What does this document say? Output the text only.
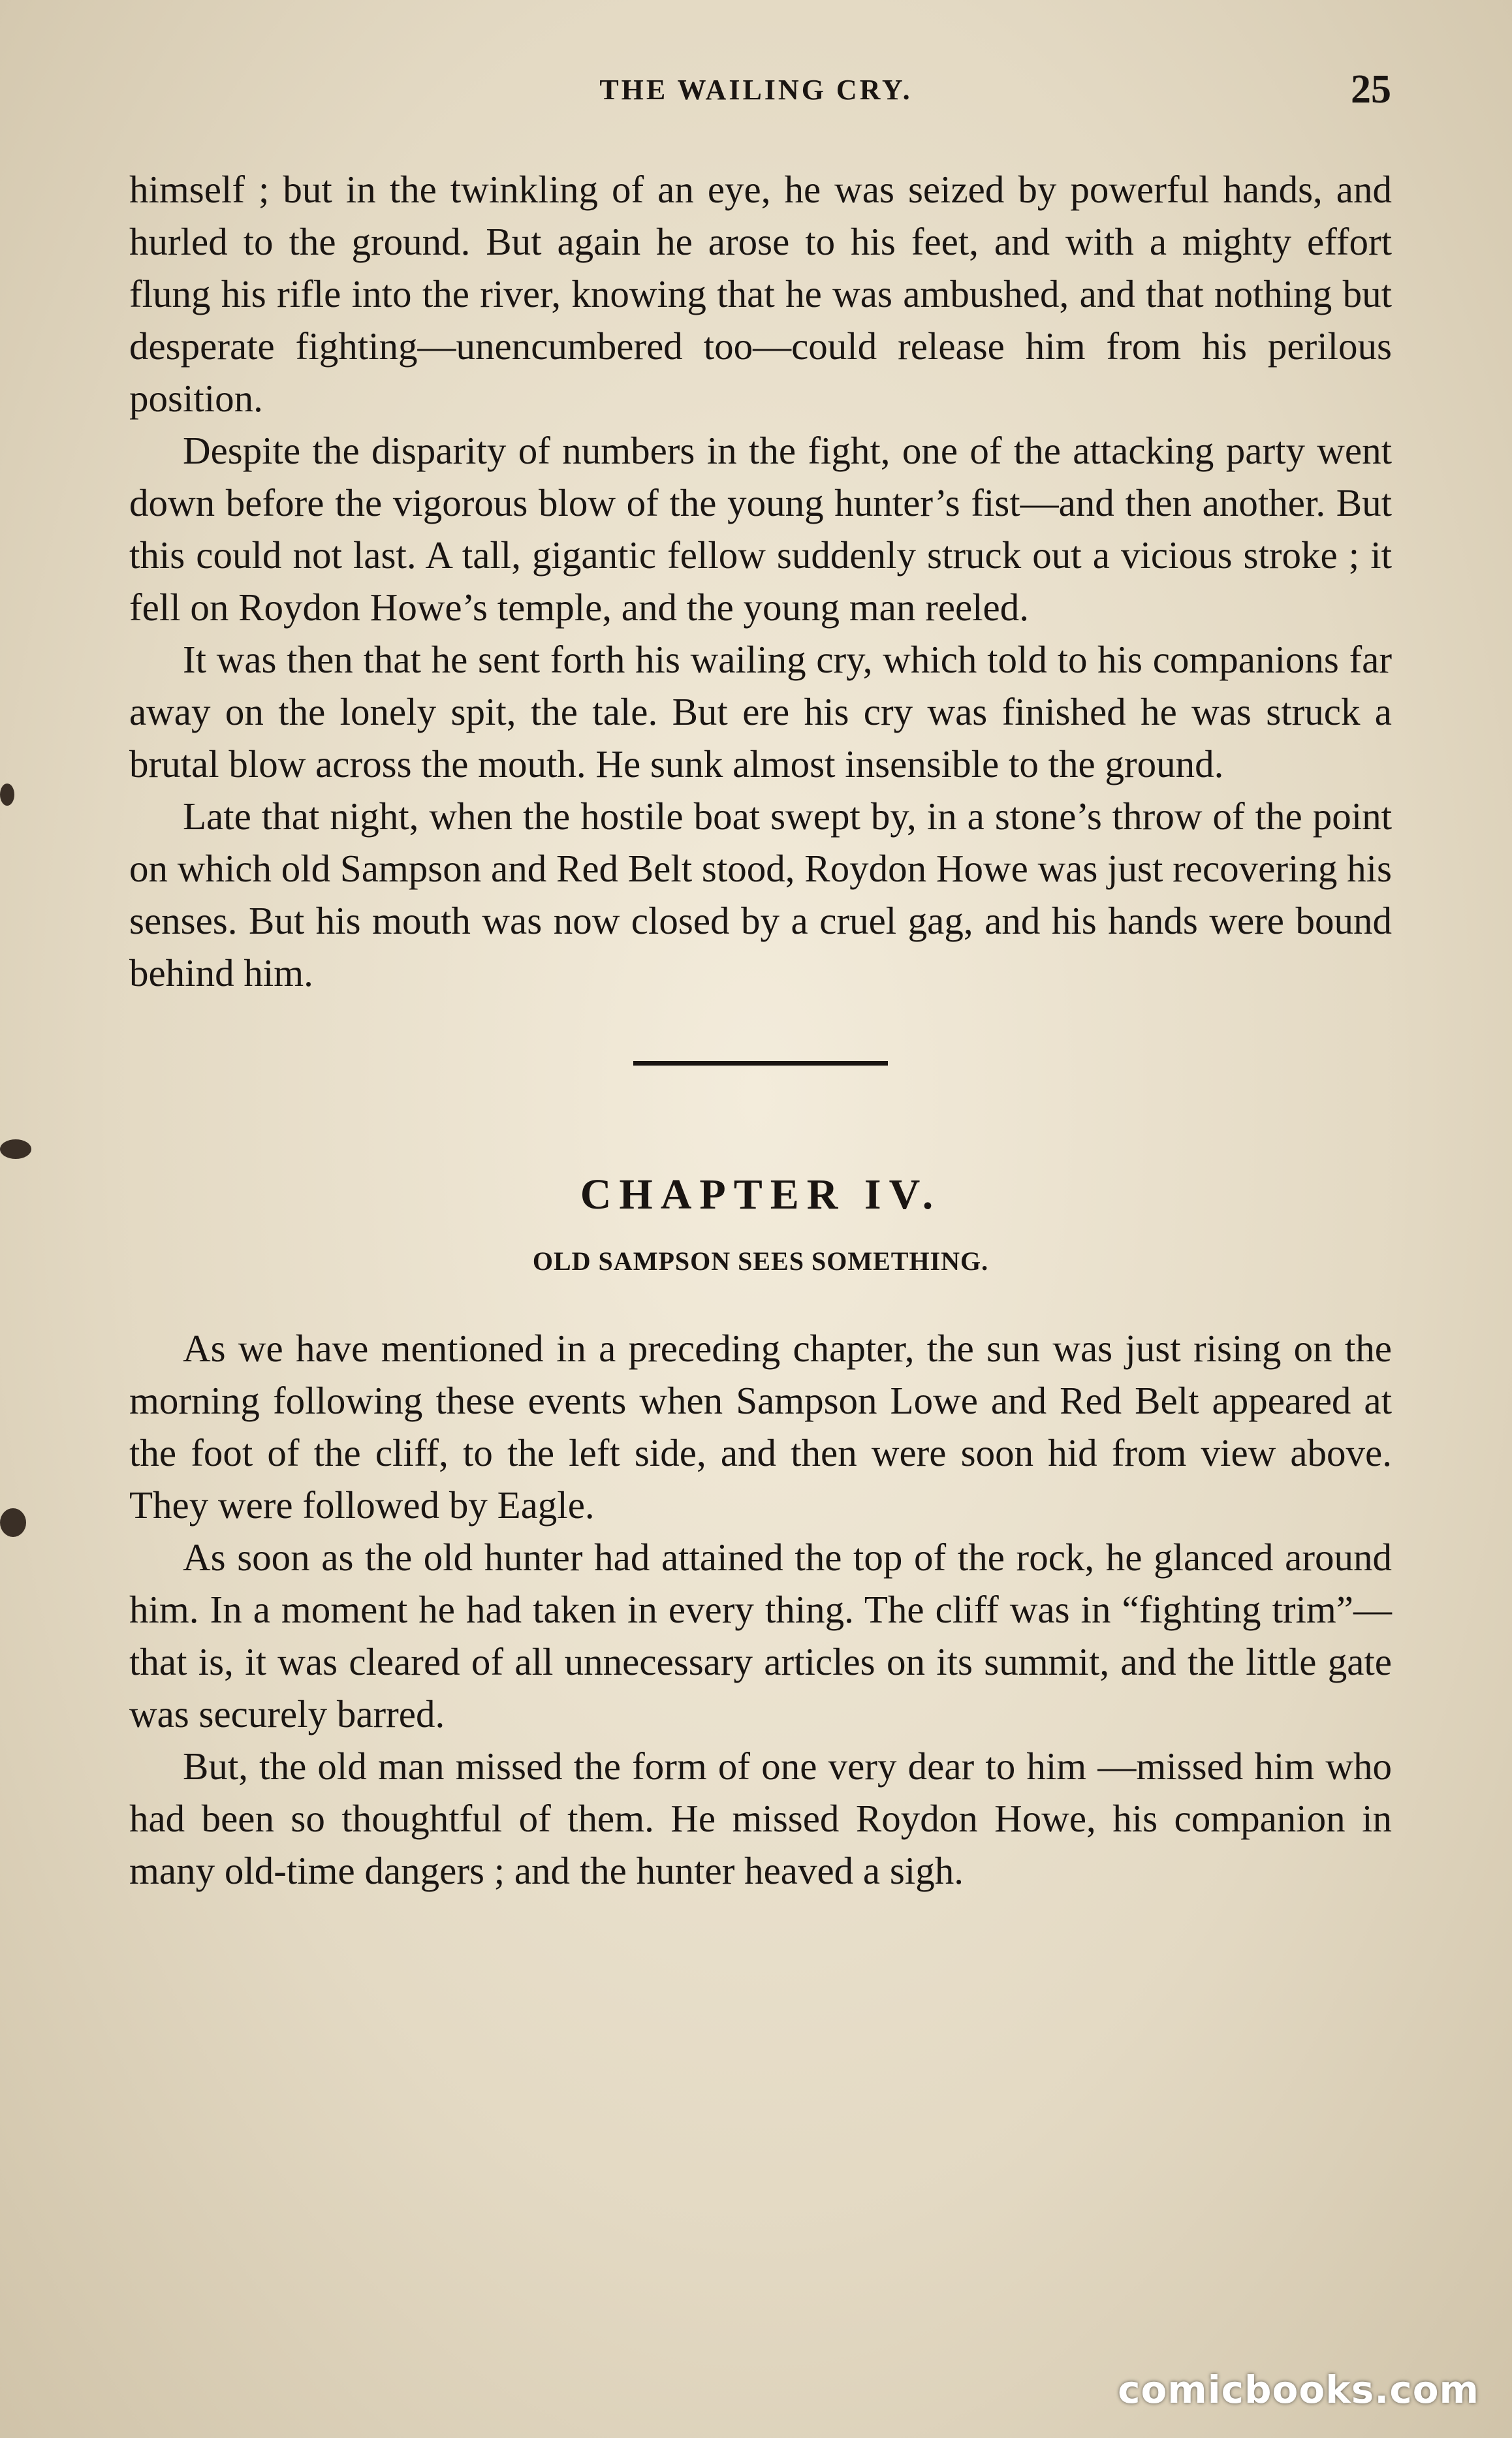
THE WAILING CRY.	25

himself ; but in the twinkling of an eye, he was seized by powerful hands, and hurled to the ground. But again he arose to his feet, and with a mighty effort flung his rifle into the river, knowing that he was ambushed, and that nothing but desperate fighting—unencumbered too—could release him from his perilous position.

Despite the disparity of numbers in the fight, one of the attacking party went down before the vigorous blow of the young hunter’s fist—and then another. But this could not last. A tall, gigantic fellow suddenly struck out a vicious stroke ; it fell on Roydon Howe’s temple, and the young man reeled.

It was then that he sent forth his wailing cry, which told to his companions far away on the lonely spit, the tale. But ere his cry was finished he was struck a brutal blow across the mouth. He sunk almost insensible to the ground.

Late that night, when the hostile boat swept by, in a stone’s throw of the point on which old Sampson and Red Belt stood, Roydon Howe was just recovering his senses. But his mouth was now closed by a cruel gag, and his hands were bound behind him.

CHAPTER IV.
OLD SAMPSON SEES SOMETHING.

As we have mentioned in a preceding chapter, the sun was just rising on the morning following these events when Sampson Lowe and Red Belt appeared at the foot of the cliff, to the left side, and then were soon hid from view above. They were followed by Eagle.

As soon as the old hunter had attained the top of the rock, he glanced around him. In a moment he had taken in every thing. The cliff was in “fighting trim”—that is, it was cleared of all unnecessary articles on its summit, and the little gate was securely barred.

But, the old man missed the form of one very dear to him —missed him who had been so thoughtful of them. He missed Roydon Howe, his companion in many old-time dangers ; and the hunter heaved a sigh.

comicbooks.com
